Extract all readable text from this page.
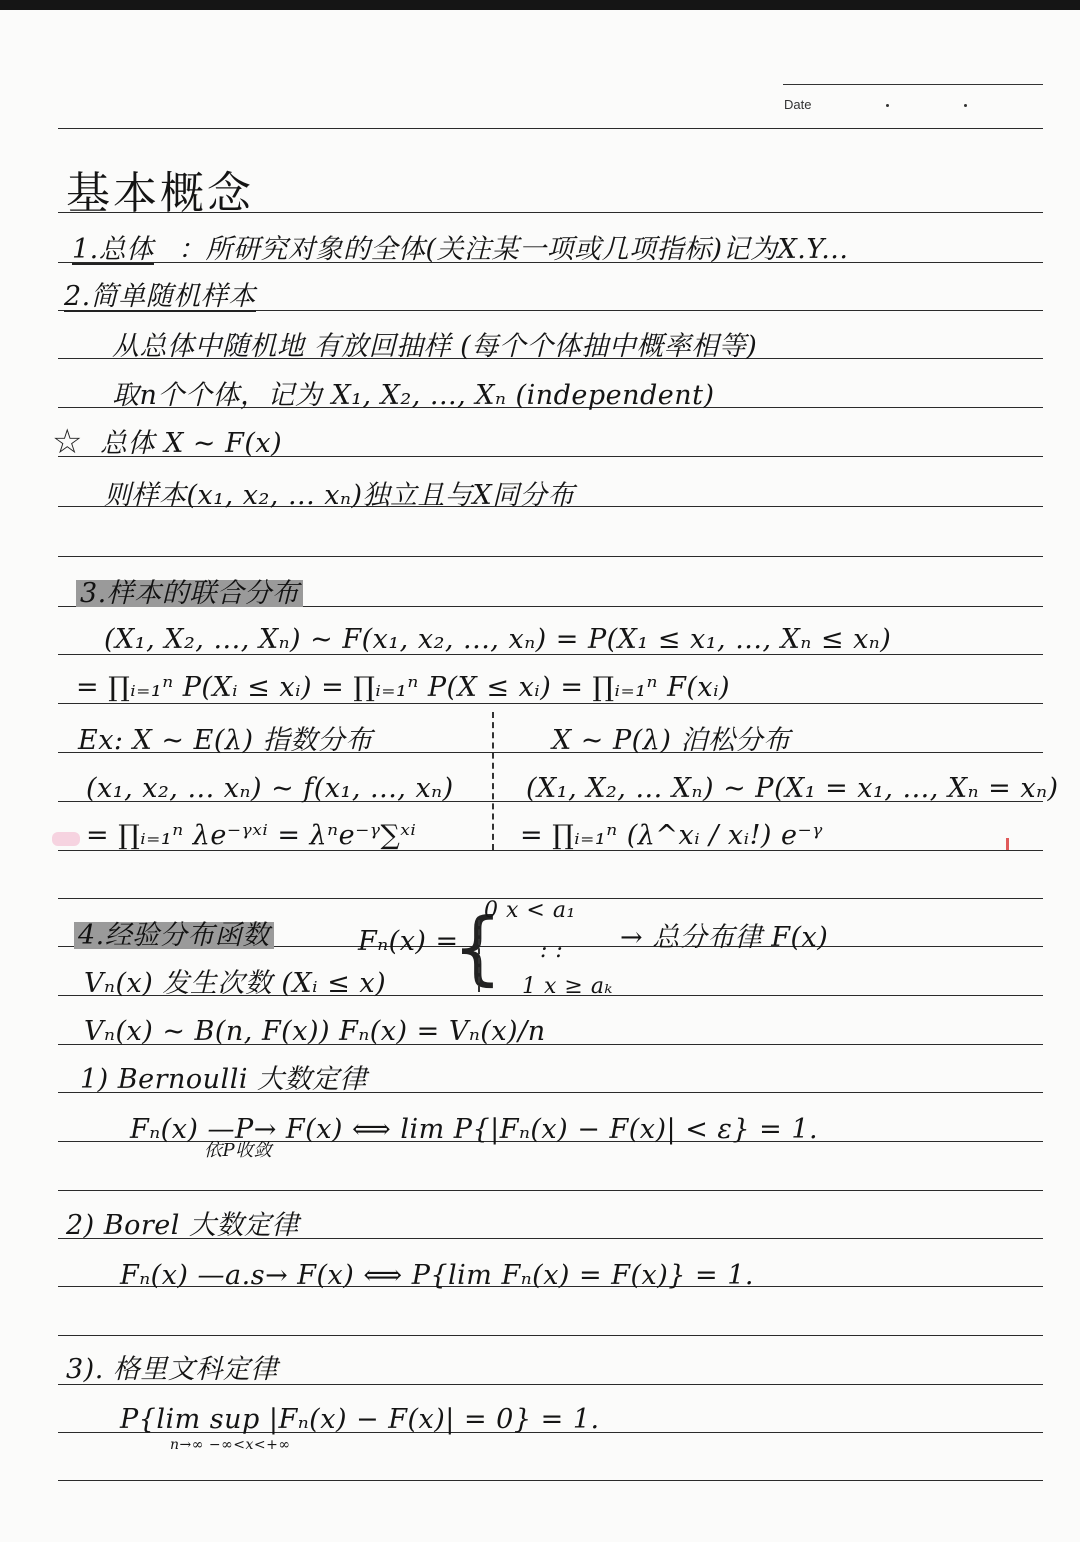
Date
基本概念
1.总体 ：所研究对象的全体(关注某一项或几项指标)记为X.Y...
2.简单随机样本
从总体中随机地 有放回抽样 (每个个体抽中概率相等)
取n个个体，记为 X₁, X₂, ..., Xₙ (independent)
☆ 总体 X ~ F(x)
则样本(x₁, x₂, ... xₙ)独立且与X同分布
3.样本的联合分布
(X₁, X₂, ..., Xₙ) ~ F(x₁, x₂, ..., xₙ) = P(X₁ ≤ x₁, ..., Xₙ ≤ xₙ)
= ∏ᵢ₌₁ⁿ P(Xᵢ ≤ xᵢ) = ∏ᵢ₌₁ⁿ P(X ≤ xᵢ) = ∏ᵢ₌₁ⁿ F(xᵢ)
Ex: X ~ E(λ) 指数分布
(x₁, x₂, ... xₙ) ~ f(x₁, ..., xₙ)
= ∏ᵢ₌₁ⁿ λe⁻ᵞˣⁱ = λⁿe⁻ᵞ∑ˣⁱ
X ~ P(λ) 泊松分布
(X₁, X₂, ... Xₙ) ~ P(X₁ = x₁, ..., Xₙ = xₙ)
= ∏ᵢ₌₁ⁿ (λ^xᵢ / xᵢ!) e⁻ᵞ
4.经验分布函数	Fₙ(x) =
{
0 x < a₁
: :
1 x ≥ aₖ
→ 总分布律 F(x)
Vₙ(x) 发生次数 (Xᵢ ≤ x)
Vₙ(x) ~ B(n, F(x)) Fₙ(x) = Vₙ(x)/n
1) Bernoulli 大数定律
Fₙ(x) —P→ F(x) ⟺ lim P{|Fₙ(x) − F(x)| < ε} = 1.
依P收敛
2) Borel 大数定律
Fₙ(x) —a.s→ F(x) ⟺ P{lim Fₙ(x) = F(x)} = 1.
3). 格里文科定律
P{lim sup |Fₙ(x) − F(x)| = 0} = 1.
n→∞ −∞<x<+∞
